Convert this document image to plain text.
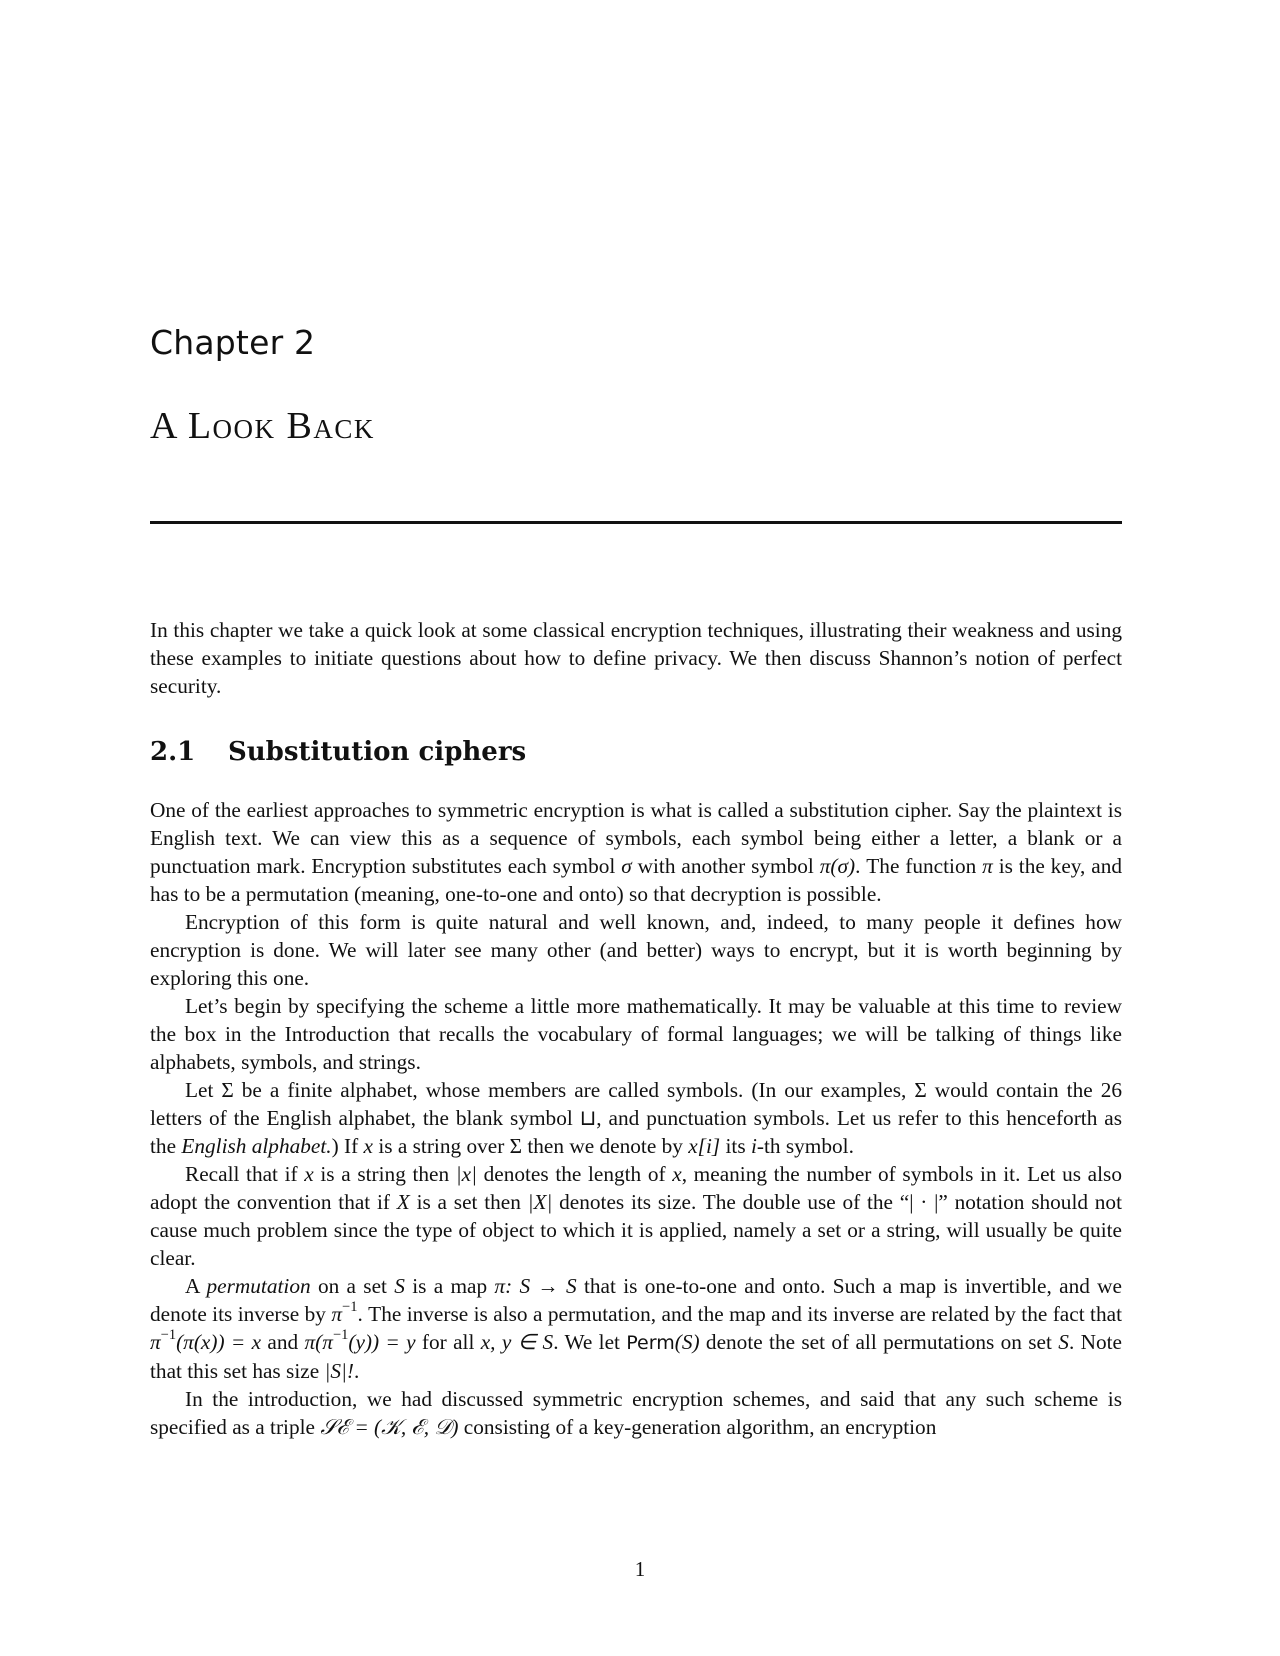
Chapter 2
A Look Back

In this chapter we take a quick look at some classical encryption techniques, illustrating their weakness and using these examples to initiate questions about how to define privacy. We then discuss Shannon’s notion of perfect security.

2.1 Substitution ciphers

One of the earliest approaches to symmetric encryption is what is called a substitution cipher. Say the plaintext is English text. We can view this as a sequence of symbols, each symbol being either a letter, a blank or a punctuation mark. Encryption substitutes each symbol σ with another symbol π(σ). The function π is the key, and has to be a permutation (meaning, one-to-one and onto) so that decryption is possible.

Encryption of this form is quite natural and well known, and, indeed, to many people it defines how encryption is done. We will later see many other (and better) ways to encrypt, but it is worth beginning by exploring this one.

Let’s begin by specifying the scheme a little more mathematically. It may be valuable at this time to review the box in the Introduction that recalls the vocabulary of formal languages; we will be talking of things like alphabets, symbols, and strings.

Let Σ be a finite alphabet, whose members are called symbols. (In our examples, Σ would contain the 26 letters of the English alphabet, the blank symbol ⊔, and punctuation symbols. Let us refer to this henceforth as the English alphabet.) If x is a string over Σ then we denote by x[i] its i-th symbol.

Recall that if x is a string then |x| denotes the length of x, meaning the number of symbols in it. Let us also adopt the convention that if X is a set then |X| denotes its size. The double use of the “| · |” notation should not cause much problem since the type of object to which it is applied, namely a set or a string, will usually be quite clear.

A permutation on a set S is a map π: S → S that is one-to-one and onto. Such a map is invertible, and we denote its inverse by $\pi^{-1}$. The inverse is also a permutation, and the map and its inverse are related by the fact that $\pi^{-1}(\pi(x)) = x$ and $\pi(\pi^{-1}(y)) = y$ for all x, y ∈ S. We let Perm(S) denote the set of all permutations on set S. Note that this set has size |S|!.

In the introduction, we had discussed symmetric encryption schemes, and said that any such scheme is specified as a triple 𝒮ℰ = (𝒦, ℰ, 𝒟) consisting of a key-generation algorithm, an encryption

1
